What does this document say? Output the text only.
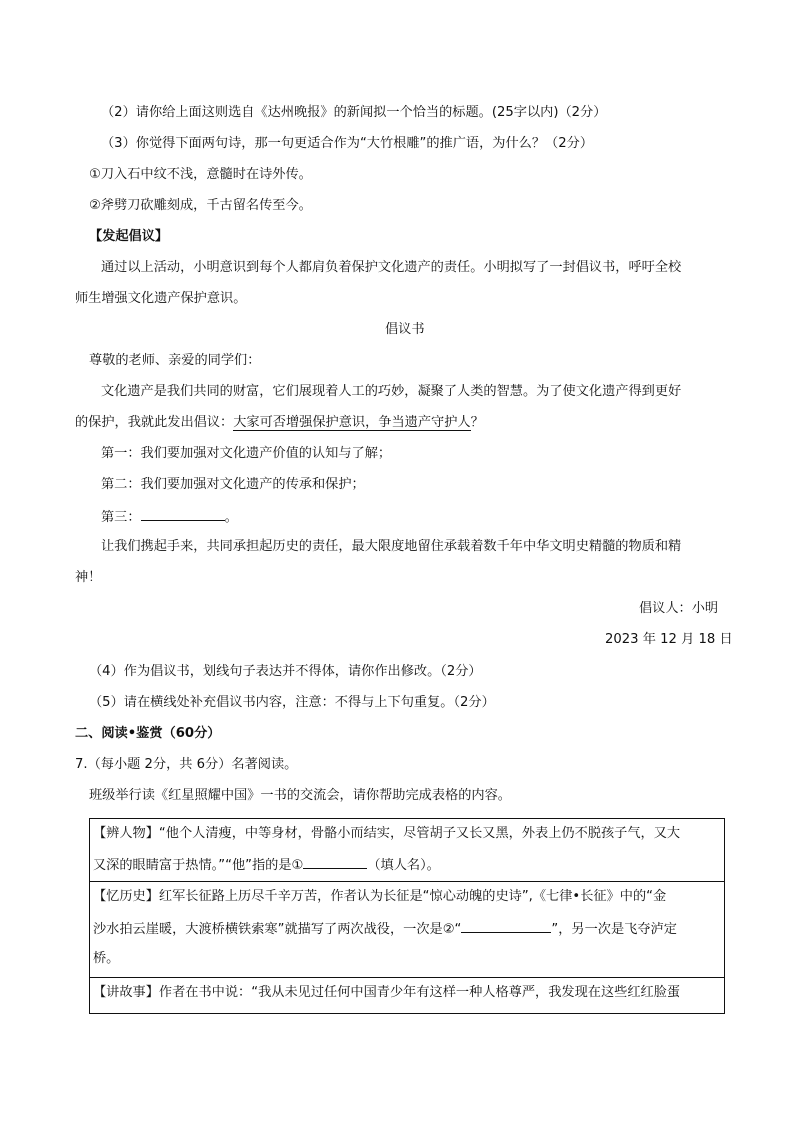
（2）请你给上面这则选自《达州晚报》的新闻拟一个恰当的标题。(25字以内)（2分）
（3）你觉得下面两句诗，那一句更适合作为“大竹根雕”的推广语，为什么？（2分）
①刀入石中纹不浅，意髓时在诗外传。
②斧劈刀砍雕刻成，千古留名传至今。
【发起倡议】
通过以上活动，小明意识到每个人都肩负着保护文化遗产的责任。小明拟写了一封倡议书，呼吁全校
师生增强文化遗产保护意识。
倡议书
尊敬的老师、亲爱的同学们：
文化遗产是我们共同的财富，它们展现着人工的巧妙，凝聚了人类的智慧。为了使文化遗产得到更好
的保护，我就此发出倡议：大家可否增强保护意识，争当遗产守护人？
第一：我们要加强对文化遗产价值的认知与了解；
第二：我们要加强对文化遗产的传承和保护；
第三：	。
让我们携起手来，共同承担起历史的责任，最大限度地留住承载着数千年中华文明史精髓的物质和精
神！
倡议人：小明
2023 年 12 月 18 日
（4）作为倡议书，划线句子表达并不得体，请你作出修改。（2分）
（5）请在横线处补充倡议书内容，注意：不得与上下句重复。（2分）
二、阅读•鉴赏（60分）
7.（每小题 2分，共 6分）名著阅读。
班级举行读《红星照耀中国》一书的交流会，请你帮助完成表格的内容。
【辨人物】“他个人清瘦，中等身材，骨骼小而结实，尽管胡子又长又黑，外表上仍不脱孩子气，又大
又深的眼睛富于热情。”“他”指的是①	（填人名）。
【忆历史】红军长征路上历尽千辛万苦，作者认为长征是“惊心动魄的史诗”,《七律•长征》中的“金
沙水拍云崖暖，大渡桥横铁索寒”就描写了两次战役，一次是②“	”，另一次是飞夺泸定
桥。
【讲故事】作者在书中说：“我从未见过任何中国青少年有这样一种人格尊严，我发现在这些红红脸蛋
